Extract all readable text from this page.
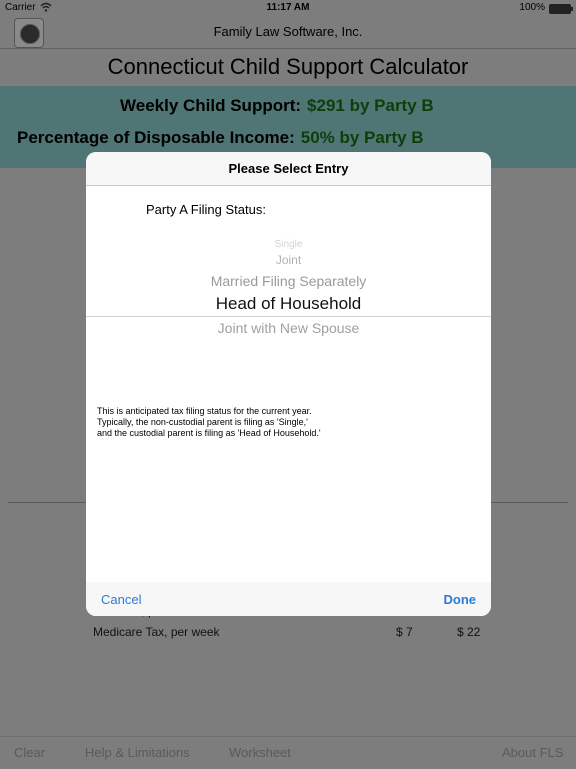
Carrier	11:17 AM	100%
Family Law Software, Inc.
Connecticut Child Support Calculator
Weekly Child Support: $291 by Party B
Percentage of Disposable Income: 50% by Party B
Medicare Tax, per week	$ 7	$ 22
Clear	Help & Limitations	Worksheet	About FLS
Please Select Entry
Party A Filing Status:
Single
Joint
Married Filing Separately
Head of Household
Joint with New Spouse
This is anticipated tax filing status for the current year. Typically, the non-custodial parent is filing as 'Single,' and the custodial parent is filing as 'Head of Household.'
Cancel	Done
